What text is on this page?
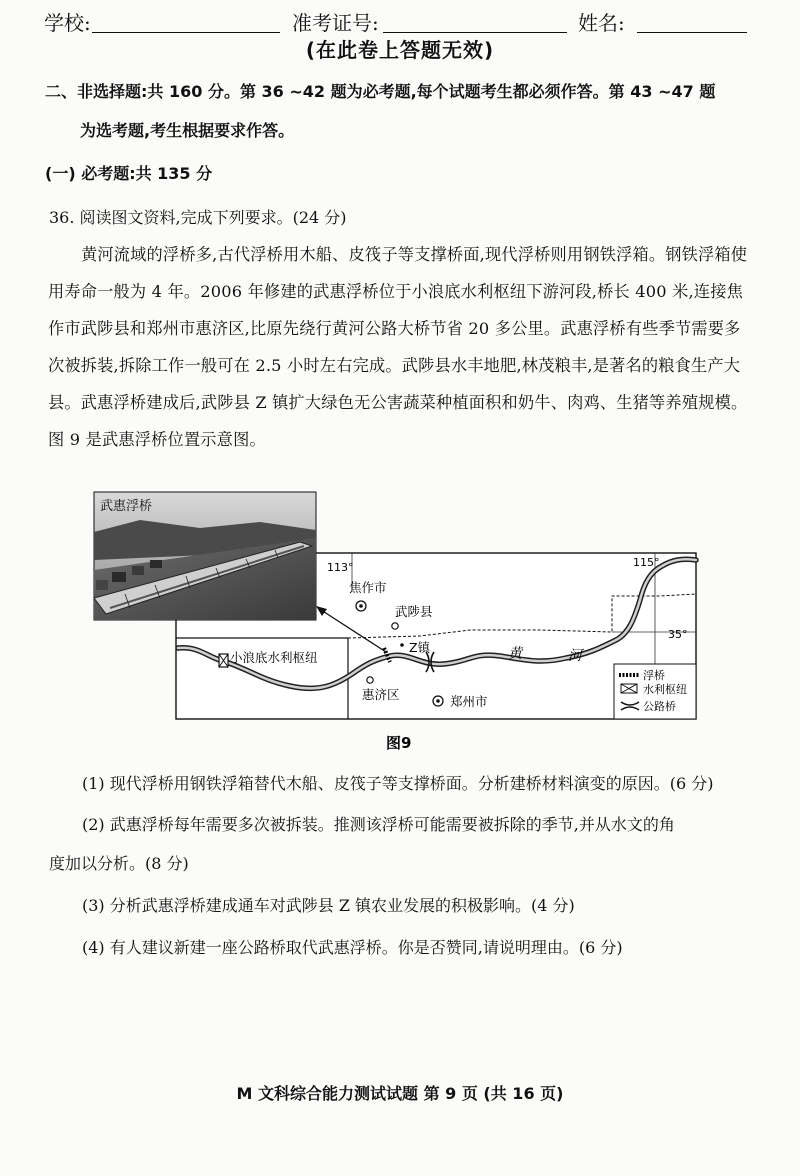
学校:	准考证号:	姓名:
(在此卷上答题无效)
二、非选择题:共 160 分。第 36 ~42 题为必考题,每个试题考生都必须作答。第 43 ~47 题
为选考题,考生根据要求作答。
(一) 必考题:共 135 分
36. 阅读图文资料,完成下列要求。(24 分)
黄河流域的浮桥多,古代浮桥用木船、皮筏子等支撑桥面,现代浮桥则用钢铁浮箱。钢铁浮箱使用寿命一般为 4 年。2006 年修建的武惠浮桥位于小浪底水利枢纽下游河段,桥长 400 米,连接焦作市武陟县和郑州市惠济区,比原先绕行黄河公路大桥节省 20 多公里。武惠浮桥有些季节需要多次被拆装,拆除工作一般可在 2.5 小时左右完成。武陟县水丰地肥,林茂粮丰,是著名的粮食生产大县。武惠浮桥建成后,武陟县 Z 镇扩大绿色无公害蔬菜种植面积和奶牛、肉鸡、生猪等养殖规模。图 9 是武惠浮桥位置示意图。
113°	115°
35°
焦作市
武陟县
Z镇
小浪底水利枢纽
惠济区	郑州市
黄	河
浮桥
水利枢纽
公路桥
武惠浮桥
图9
(1) 现代浮桥用钢铁浮箱替代木船、皮筏子等支撑桥面。分析建桥材料演变的原因。(6 分)
(2) 武惠浮桥每年需要多次被拆装。推测该浮桥可能需要被拆除的季节,并从水文的角
度加以分析。(8 分)
(3) 分析武惠浮桥建成通车对武陟县 Z 镇农业发展的积极影响。(4 分)
(4) 有人建议新建一座公路桥取代武惠浮桥。你是否赞同,请说明理由。(6 分)
M 文科综合能力测试试题 第 9 页 (共 16 页)
